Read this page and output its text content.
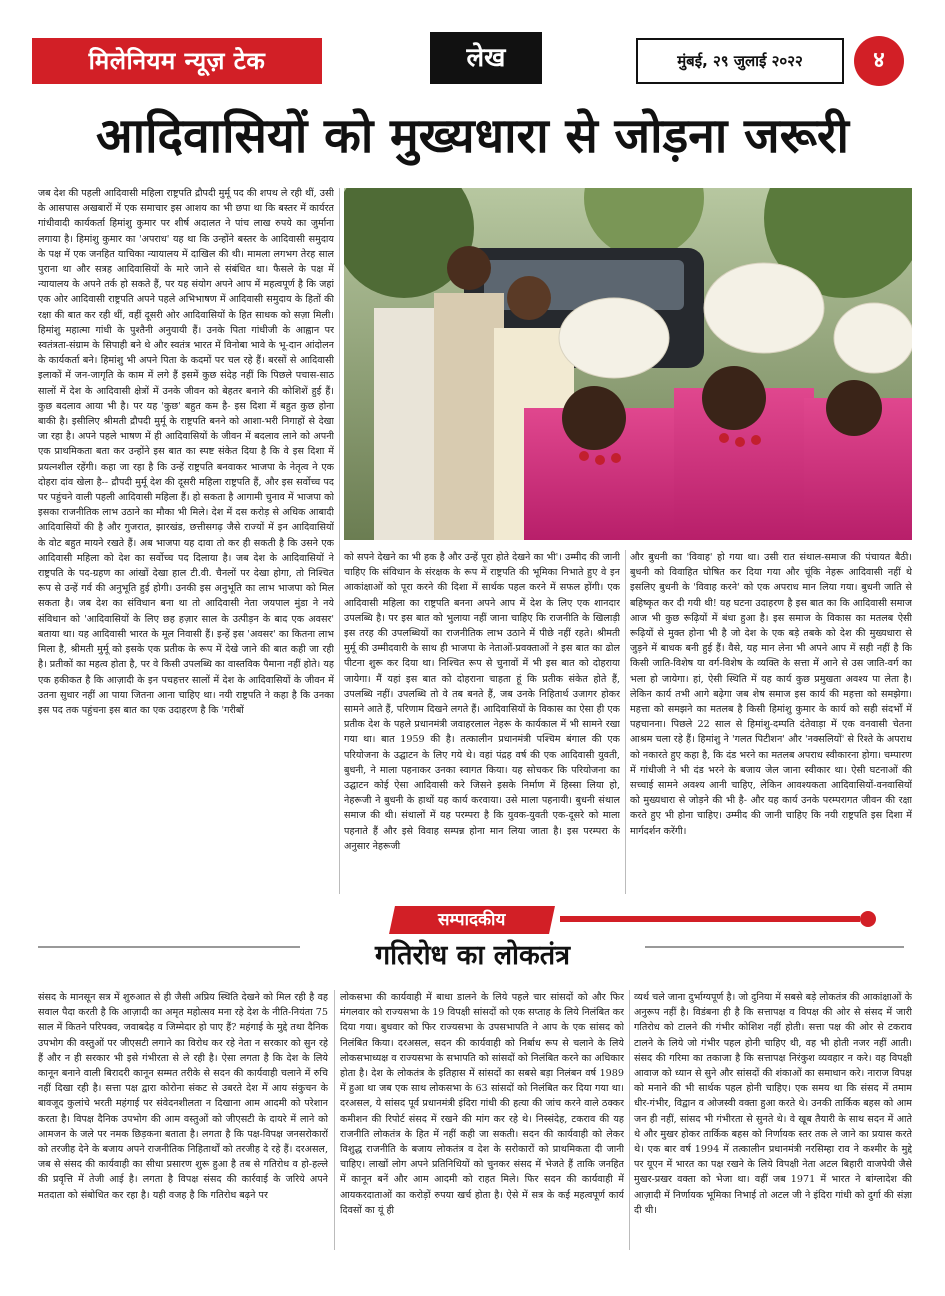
मिलेनियम न्यूज़ टेक	लेख	मुंबई, २९ जुलाई २०२२	४
आदिवासियों को मुख्यधारा से जोड़ना जरूरी

जब देश की पहली आदिवासी महिला राष्ट्रपति द्रौपदी मुर्मू पद की शपथ ले रही थीं, उसी के आसपास अखबारों में एक समाचार इस आशय का भी छपा था कि बस्तर में कार्यरत गांधीवादी कार्यकर्ता हिमांशु कुमार पर शीर्ष अदालत ने पांच लाख रुपये का जुर्माना लगाया है। हिमांशु कुमार का 'अपराध' यह था कि उन्होंने बस्तर के आदिवासी समुदाय के पक्ष में एक जनहित याचिका न्यायालय में दाखिल की थी। मामला लगभग तेरह साल पुराना था और सत्रह आदिवासियों के मारे जाने से संबंधित था। फैसले के पक्ष में न्यायालय के अपने तर्क हो सकते हैं, पर यह संयोग अपने आप में महत्वपूर्ण है कि जहां एक ओर आदिवासी राष्ट्रपति अपने पहले अभिभाषण में आदिवासी समुदाय के हितों की रक्षा की बात कर रही थीं, वहीं दूसरी ओर आदिवासियों के हित साधक को सज़ा मिली। हिमांशु महात्मा गांधी के पुश्तैनी अनुयायी हैं। उनके पिता गांधीजी के आह्वान पर स्वतंत्रता-संग्राम के सिपाही बने थे और स्वतंत्र भारत में विनोबा भावे के भू-दान आंदोलन के कार्यकर्ता बने। हिमांशु भी अपने पिता के कदमों पर चल रहे हैं। बरसों से आदिवासी इलाकों में जन-जागृति के काम में लगे हैं इसमें कुछ संदेह नहीं कि पिछले पचास-साठ सालों में देश के आदिवासी क्षेत्रों में उनके जीवन को बेहतर बनाने की कोशिशें हुई हैं। कुछ बदलाव आया भी है। पर यह 'कुछ' बहुत कम है- इस दिशा में बहुत कुछ होना बाकी है। इसीलिए श्रीमती द्रौपदी मुर्मू के राष्ट्रपति बनने को आशा-भरी निगाहों से देखा जा रहा है। अपने पहले भाषण में ही आदिवासियों के जीवन में बदलाव लाने को अपनी एक प्राथमिकता बता कर उन्होंने इस बात का स्पष्ट संकेत दिया है कि वे इस दिशा में प्रयत्नशील रहेंगी। कहा जा रहा है कि उन्हें राष्ट्रपति बनवाकर भाजपा के नेतृत्व ने एक दोहरा दांव खेला है-- द्रौपदी मुर्मू देश की दूसरी महिला राष्ट्रपति हैं, और इस सर्वोच्च पद पर पहुंचने वाली पहली आदिवासी महिला हैं। हो सकता है आगामी चुनाव में भाजपा को इसका राजनीतिक लाभ उठाने का मौका भी मिले। देश में दस करोड़ से अधिक आबादी आदिवासियों की है और गुजरात, झारखंड, छत्तीसगढ़ जैसे राज्यों में इन आदिवासियों के वोट बहुत मायने रखते हैं। अब भाजपा यह दावा तो कर ही सकती है कि उसने एक आदिवासी महिला को देश का सर्वोच्च पद दिलाया है। जब देश के आदिवासियों ने राष्ट्रपति के पद-ग्रहण का आंखों देखा हाल टी.वी. चैनलों पर देखा होगा, तो निश्चित रूप से उन्हें गर्व की अनुभूति हुई होगी। उनकी इस अनुभूति का लाभ भाजपा को मिल सकता है। जब देश का संविधान बना था तो आदिवासी नेता जयपाल मुंडा ने नये संविधान को 'आदिवासियों के लिए छह हज़ार साल के उत्पीड़न के बाद एक अवसर' बताया था। यह आदिवासी भारत के मूल निवासी हैं। इन्हें इस 'अवसर' का कितना लाभ मिला है, श्रीमती मुर्मू को इसके एक प्रतीक के रूप में देखे जाने की बात कही जा रही है। प्रतीकों का महत्व होता है, पर वे किसी उपलब्धि का वास्तविक पैमाना नहीं होते। यह एक हकीकत है कि आज़ादी के इन पचहत्तर सालों में देश के आदिवासियों के जीवन में उतना सुधार नहीं आ पाया जितना आना चाहिए था। नयी राष्ट्रपति ने कहा है कि उनका इस पद तक पहुंचना इस बात का एक उदाहरण है कि 'गरीबों

को सपने देखने का भी हक है और उन्हें पूरा होते देखने का भी'। उम्मीद की जानी चाहिए कि संविधान के संरक्षक के रूप में राष्ट्रपति की भूमिका निभाते हुए वे इन आकांक्षाओं को पूरा करने की दिशा में सार्थक पहल करने में सफल होंगी। एक आदिवासी महिला का राष्ट्रपति बनना अपने आप में देश के लिए एक शानदार उपलब्धि है। पर इस बात को भुलाया नहीं जाना चाहिए कि राजनीति के खिलाड़ी इस तरह की उपलब्धियों का राजनीतिक लाभ उठाने में पीछे नहीं रहते। श्रीमती मुर्मू की उम्मीदवारी के साथ ही भाजपा के नेताओं-प्रवक्ताओं ने इस बात का ढोल पीटना शुरू कर दिया था। निश्चित रूप से चुनावों में भी इस बात को दोहराया जायेगा। मैं यहां इस बात को दोहराना चाहता हूं कि प्रतीक संकेत होते हैं, उपलब्धि नहीं। उपलब्धि तो वे तब बनते हैं, जब उनके निहितार्थ उजागर होकर सामने आते हैं, परिणाम दिखने लगते हैं। आदिवासियों के विकास का ऐसा ही एक प्रतीक देश के पहले प्रधानमंत्री जवाहरलाल नेहरू के कार्यकाल में भी सामने रखा गया था। बात 1959 की है। तत्कालीन प्रधानमंत्री पश्चिम बंगाल की एक परियोजना के उद्घाटन के लिए गये थे। वहां पंद्रह वर्ष की एक आदिवासी युवती, बुधनी, ने माला पहनाकर उनका स्वागत किया। यह सोचकर कि परियोजना का उद्घाटन कोई ऐसा आदिवासी करे जिसने इसके निर्माण में हिस्सा लिया हो, नेहरूजी ने बुधनी के हाथों यह कार्य करवाया। उसे माला पहनायी। बुधनी संथाल समाज की थी। संथालों में यह परम्परा है कि युवक-युवती एक-दूसरे को माला पहनाते हैं और इसे विवाह सम्पन्न होना मान लिया जाता है। इस परम्परा के अनुसार नेहरूजी

और बुधनी का 'विवाह' हो गया था। उसी रात संथाल-समाज की पंचायत बैठी। बुधनी को विवाहित घोषित कर दिया गया और चूंकि नेहरू आदिवासी नहीं थे इसलिए बुधनी के 'विवाह करने' को एक अपराध मान लिया गया। बुधनी जाति से बहिष्कृत कर दी गयी थी! यह घटना उदाहरण है इस बात का कि आदिवासी समाज आज भी कुछ रूढ़ियों में बंधा हुआ है। इस समाज के विकास का मतलब ऐसी रूढ़ियों से मुक्त होना भी है जो देश के एक बड़े तबके को देश की मुख्यधारा से जुड़ने में बाधक बनी हुई हैं। वैसे, यह मान लेना भी अपने आप में सही नहीं है कि किसी जाति-विशेष या वर्ग-विशेष के व्यक्ति के सत्ता में आने से उस जाति-वर्ग का भला हो जायेगा। हां, ऐसी स्थिति में यह कार्य कुछ प्रमुखता अवश्य पा लेता है। लेकिन कार्य तभी आगे बढ़ेगा जब शेष समाज इस कार्य की महत्ता को समझेगा। महत्ता को समझने का मतलब है किसी हिमांशु कुमार के कार्य को सही संदर्भों में पहचानना। पिछले 22 साल से हिमांशु-दम्पति दंतेवाड़ा में एक वनवासी चेतना आश्रम चला रहे हैं। हिमांशु ने 'गलत पिटीशन' और 'नक्सलियों' से रिश्ते के अपराध को नकारते हुए कहा है, कि दंड भरने का मतलब अपराध स्वीकारना होगा। चम्पारण में गांधीजी ने भी दंड भरने के बजाय जेल जाना स्वीकार था। ऐसी घटनाओं की सच्चाई सामने अवश्य आनी चाहिए, लेकिन आवश्यकता आदिवासियों-वनवासियों को मुख्यधारा से जोड़ने की भी है- और यह कार्य उनके परम्परागत जीवन की रक्षा करते हुए भी होना चाहिए। उम्मीद की जानी चाहिए कि नयी राष्ट्रपति इस दिशा में मार्गदर्शन करेंगी।

सम्पादकीय
गतिरोध का लोकतंत्र

संसद के मानसून सत्र में शुरुआत से ही जैसी अप्रिय स्थिति देखने को मिल रही है वह सवाल पैदा करती है कि आज़ादी का अमृत महोत्सव मना रहे देश के नीति-नियंता 75 साल में कितने परिपक्व, जवाबदेह व जिम्मेदार हो पाए हैं? महंगाई के मुद्दे तथा दैनिक उपभोग की वस्तुओं पर जीएसटी लगाने का विरोध कर रहे नेता न सरकार को सुन रहे हैं और न ही सरकार भी इसे गंभीरता से ले रही है। ऐसा लगता है कि देश के लिये कानून बनाने वाली बिरादरी कानून सम्मत तरीके से सदन की कार्यवाही चलाने में रुचि नहीं दिखा रही है। सत्ता पक्ष द्वारा कोरोना संकट से उबरते देश में आय संकुचन के बावजूद कुलांचे भरती महंगाई पर संवेदनशीलता न दिखाना आम आदमी को परेशान करता है। विपक्ष दैनिक उपभोग की आम वस्तुओं को जीएसटी के दायरे में लाने को आमजन के जले पर नमक छिड़कना बताता है। लगता है कि पक्ष-विपक्ष जनसरोकारों को तरजीह देने के बजाय अपने राजनीतिक निहितार्थों को तरजीह दे रहे हैं। दरअसल, जब से संसद की कार्यवाही का सीधा प्रसारण शुरू हुआ है तब से गतिरोध व हो-हल्ले की प्रवृत्ति में तेजी आई है। लगता है विपक्ष संसद की कार्रवाई के जरिये अपने मतदाता को संबोधित कर रहा है। यही वजह है कि गतिरोध बढ़ने पर

लोकसभा की कार्यवाही में बाधा डालने के लिये पहले चार सांसदों को और फिर मंगलवार को राज्यसभा के 19 विपक्षी सांसदों को एक सप्ताह के लिये निलंबित कर दिया गया। बुधवार को फिर राज्यसभा के उपसभापति ने आप के एक सांसद को निलंबित किया। दरअसल, सदन की कार्यवाही को निर्बाध रूप से चलाने के लिये लोकसभाध्यक्ष व राज्यसभा के सभापति को सांसदों को निलंबित करने का अधिकार होता है। देश के लोकतंत्र के इतिहास में सांसदों का सबसे बड़ा निलंबन वर्ष 1989 में हुआ था जब एक साथ लोकसभा के 63 सांसदों को निलंबित कर दिया गया था। दरअसल, ये सांसद पूर्व प्रधानमंत्री इंदिरा गांधी की हत्या की जांच करने वाले ठक्कर कमीशन की रिपोर्ट संसद में रखने की मांग कर रहे थे। निस्संदेह, टकराव की यह राजनीति लोकतंत्र के हित में नहीं कही जा सकती। सदन की कार्यवाही को लेकर विशुद्ध राजनीति के बजाय लोकतंत्र व देश के सरोकारों को प्राथमिकता दी जानी चाहिए। लाखों लोग अपने प्रतिनिधियों को चुनकर संसद में भेजते हैं ताकि जनहित में कानून बनें और आम आदमी को राहत मिले। फिर सदन की कार्यवाही में आयकरदाताओं का करोड़ों रुपया खर्च होता है। ऐसे में सत्र के कई महत्वपूर्ण कार्य दिवसों का यूं ही

व्यर्थ चले जाना दुर्भाग्यपूर्ण है। जो दुनिया में सबसे बड़े लोकतंत्र की आकांक्षाओं के अनुरूप नहीं है। विडंबना ही है कि सत्तापक्ष व विपक्ष की ओर से संसद में जारी गतिरोध को टालने की गंभीर कोशिश नहीं होती। सत्ता पक्ष की ओर से टकराव टालने के लिये जो गंभीर पहल होनी चाहिए थी, वह भी होती नजर नहीं आती। संसद की गरिमा का तकाजा है कि सत्तापक्ष निरंकुश व्यवहार न करे। वह विपक्षी आवाज को ध्यान से सुने और सांसदों की शंकाओं का समाधान करे। नाराज विपक्ष को मनाने की भी सार्थक पहल होनी चाहिए। एक समय था कि संसद में तमाम धीर-गंभीर, विद्वान व ओजस्वी वक्ता हुआ करते थे। उनकी तार्किक बहस को आम जन ही नहीं, सांसद भी गंभीरता से सुनते थे। वे खूब तैयारी के साथ सदन में आते थे और मुखर होकर तार्किक बहस को निर्णायक स्तर तक ले जाने का प्रयास करते थे। एक बार वर्ष 1994 में तत्कालीन प्रधानमंत्री नरसिम्हा राव ने कश्मीर के मुद्दे पर यूएन में भारत का पक्ष रखने के लिये विपक्षी नेता अटल बिहारी वाजपेयी जैसे मुखर-प्रखर वक्ता को भेजा था। वहीं जब 1971 में भारत ने बांग्लादेश की आज़ादी में निर्णायक भूमिका निभाई तो अटल जी ने इंदिरा गांधी को दुर्गा की संज्ञा दी थी।
